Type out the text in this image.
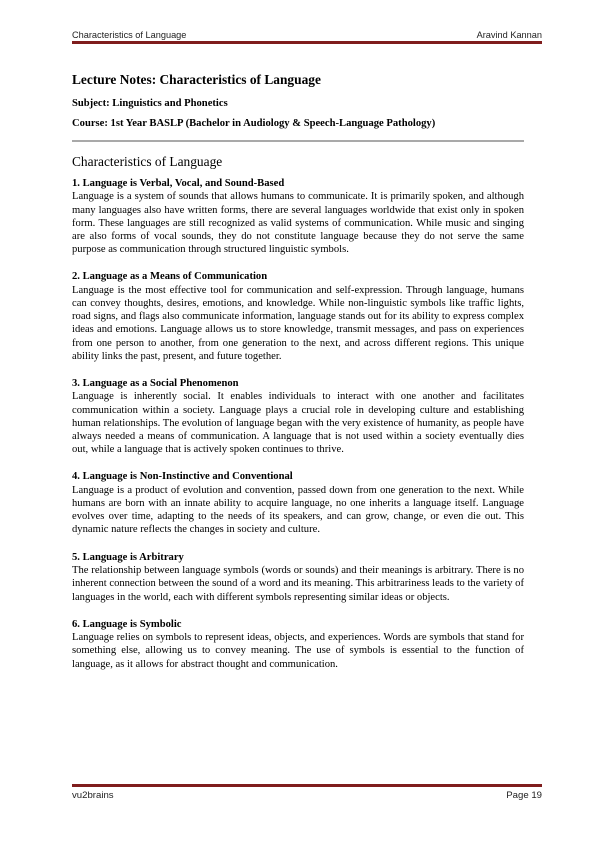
Characteristics of Language	Aravind Kannan

Lecture Notes: Characteristics of Language

Subject: Linguistics and Phonetics

Course: 1st Year BASLP (Bachelor in Audiology & Speech-Language Pathology)

Characteristics of Language

1. Language is Verbal, Vocal, and Sound-Based

Language is a system of sounds that allows humans to communicate. It is primarily spoken, and although many languages also have written forms, there are several languages worldwide that exist only in spoken form. These languages are still recognized as valid systems of communication. While music and singing are also forms of vocal sounds, they do not constitute language because they do not serve the same purpose as communication through structured linguistic symbols.

2. Language as a Means of Communication

Language is the most effective tool for communication and self-expression. Through language, humans can convey thoughts, desires, emotions, and knowledge. While non-linguistic symbols like traffic lights, road signs, and flags also communicate information, language stands out for its ability to express complex ideas and emotions. Language allows us to store knowledge, transmit messages, and pass on experiences from one person to another, from one generation to the next, and across different regions. This unique ability links the past, present, and future together.

3. Language as a Social Phenomenon

Language is inherently social. It enables individuals to interact with one another and facilitates communication within a society. Language plays a crucial role in developing culture and establishing human relationships. The evolution of language began with the very existence of humanity, as people have always needed a means of communication. A language that is not used within a society eventually dies out, while a language that is actively spoken continues to thrive.

4. Language is Non-Instinctive and Conventional

Language is a product of evolution and convention, passed down from one generation to the next. While humans are born with an innate ability to acquire language, no one inherits a language itself. Language evolves over time, adapting to the needs of its speakers, and can grow, change, or even die out. This dynamic nature reflects the changes in society and culture.

5. Language is Arbitrary

The relationship between language symbols (words or sounds) and their meanings is arbitrary. There is no inherent connection between the sound of a word and its meaning. This arbitrariness leads to the variety of languages in the world, each with different symbols representing similar ideas or objects.

6. Language is Symbolic

Language relies on symbols to represent ideas, objects, and experiences. Words are symbols that stand for something else, allowing us to convey meaning. The use of symbols is essential to the function of language, as it allows for abstract thought and communication.

vu2brains	Page 19
